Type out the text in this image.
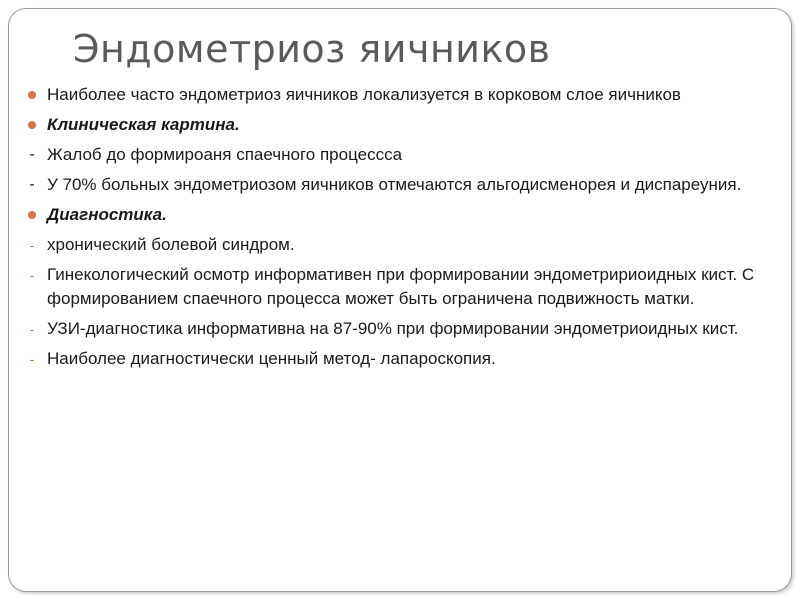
Эндометриоз яичников
Наиболее часто эндометриоз яичников локализуется в корковом слое яичников
Клиническая картина.
- Жалоб до формироаня спаечного процессса
- У 70% больных эндометриозом яичников отмечаются альгодисменорея и диспареуния.
Диагностика.
- хронический болевой синдром.
- Гинекологический осмотр информативен при формировании эндометририоидных кист. С формированием спаечного процесса может быть ограничена подвижность матки.
- УЗИ-диагностика информативна на 87-90% при формировании эндометриоидных кист.
- Наиболее диагностически ценный метод- лапароскопия.
